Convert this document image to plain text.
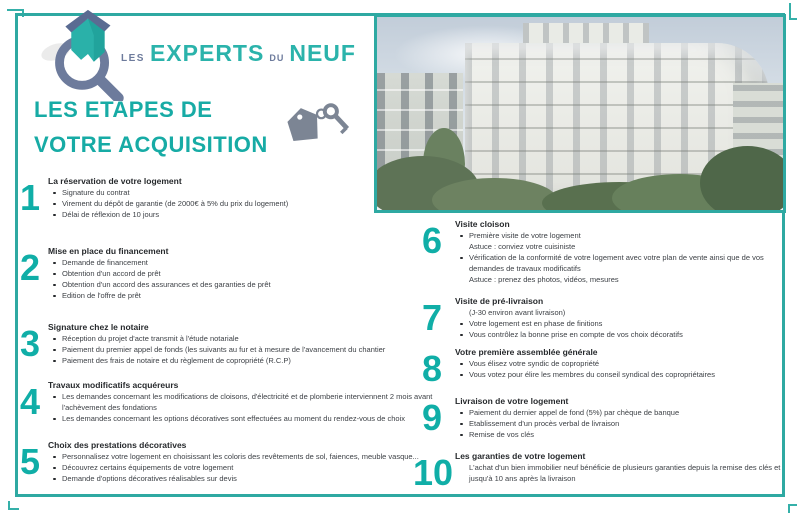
LES EXPERTS DU NEUF
LES ETAPES DE
VOTRE ACQUISITION
1 La réservation de votre logement
Signature du contrat
Virement du dépôt de garantie (de 2000€ à 5% du prix du logement)
Délai de réflexion de 10 jours
2 Mise en place du financement
Demande de financement
Obtention d'un accord de prêt
Obtention d'un accord des assurances et des garanties de prêt
Edition de l'offre de prêt
3 Signature chez le notaire
Réception du projet d'acte transmit à l'étude notariale
Paiement du premier appel de fonds (les suivants au fur et à mesure de l'avancement du chantier
Paiement des frais de notaire et du règlement de copropriété (R.C.P)
4 Travaux modificatifs acquéreurs
Les demandes concernant les modifications de cloisons, d'électricité et de plomberie interviennent 2 mois avant l'achèvement des fondations
Les demandes concernant les options décoratives sont effectuées au moment du rendez-vous de choix
5 Choix des prestations décoratives
Personnalisez votre logement en choisissant les coloris des revêtements de sol, faiences, meuble vasque...
Découvrez certains équipements de votre logement
Demande d'options décoratives réalisables sur devis
6	Visite cloison
Première visite de votre logement
Astuce : conviez votre cuisiniste
Vérification de la conformité de votre logement avec votre plan de vente ainsi que de vos demandes de travaux modificatifs
Astuce : prenez des photos, vidéos, mesures
7	Visite de pré-livraison
(J-30 environ avant livraison)
Votre logement est en phase de finitions
Vous contrôlez la bonne prise en compte de vos choix décoratifs
8	Votre première assemblée générale
Vous élisez votre syndic de copropriété
Vous votez pour élire les membres du conseil syndical des copropriétaires
9	Livraison de votre logement
Paiement du dernier appel de fond (5%) par chèque de banque
Etablissement d'un procès verbal de livraison
Remise de vos clés
10 Les garanties de votre logement
L'achat d'un bien immobilier neuf bénéficie de plusieurs garanties depuis la remise des clés et jusqu'à 10 ans après la livraison
